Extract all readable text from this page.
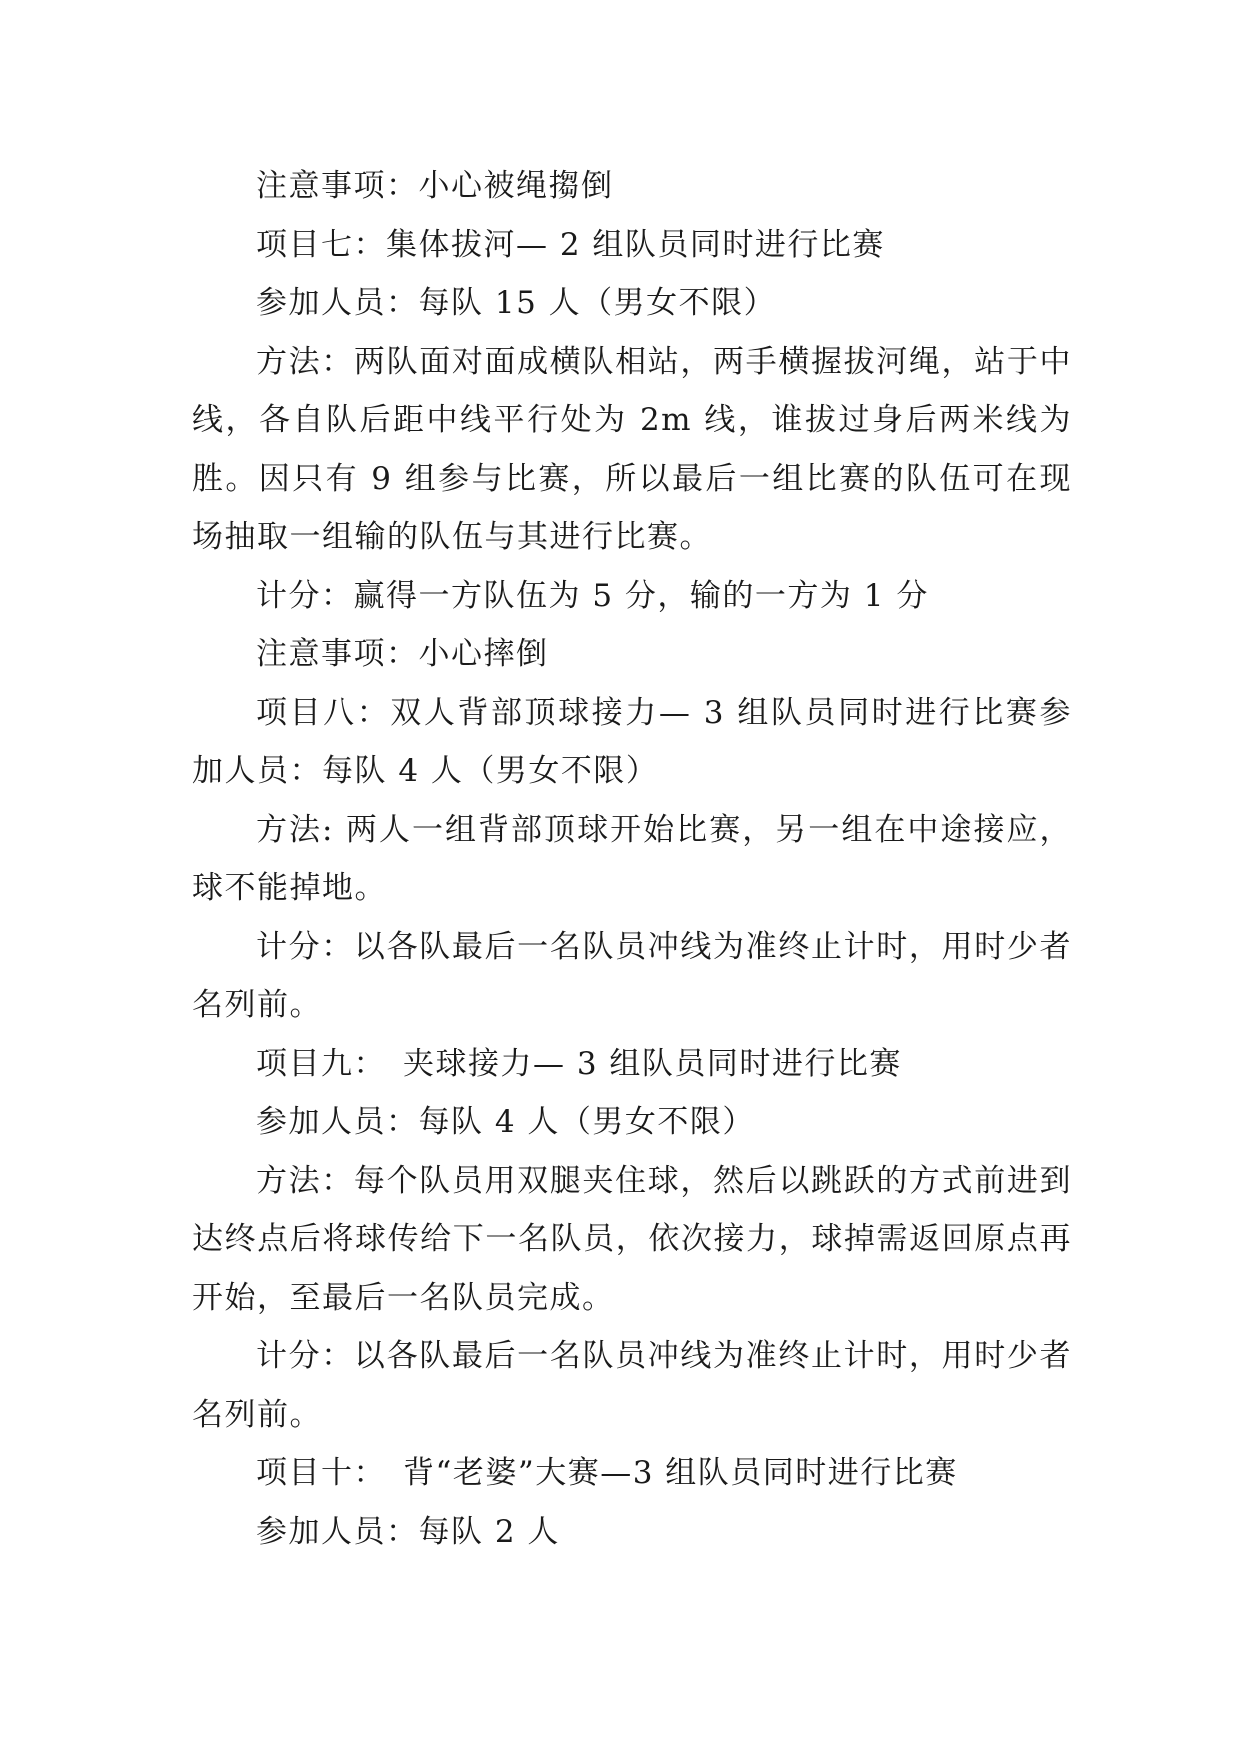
注意事项：小心被绳搊倒

项目七：集体拔河— 2 组队员同时进行比赛

参加人员：每队 15 人（男女不限）

方法：两队面对面成横队相站，两手横握拔河绳，站于中线，各自队后距中线平行处为 2m 线，谁拔过身后两米线为胜。因只有 9 组参与比赛，所以最后一组比赛的队伍可在现场抽取一组输的队伍与其进行比赛。

计分：赢得一方队伍为 5 分，输的一方为 1 分

注意事项：小心摔倒

项目八：双人背部顶球接力— 3 组队员同时进行比赛参加人员：每队 4 人（男女不限）

方法: 两人一组背部顶球开始比赛，另一组在中途接应，球不能掉地。

计分：以各队最后一名队员冲线为准终止计时，用时少者名列前。

项目九：　夹球接力— 3 组队员同时进行比赛

参加人员：每队 4 人（男女不限）

方法：每个队员用双腿夹住球，然后以跳跃的方式前进到达终点后将球传给下一名队员，依次接力，球掉需返回原点再开始，至最后一名队员完成。

计分：以各队最后一名队员冲线为准终止计时，用时少者名列前。

项目十：　背“老婆”大赛—3 组队员同时进行比赛

参加人员：每队 2 人
